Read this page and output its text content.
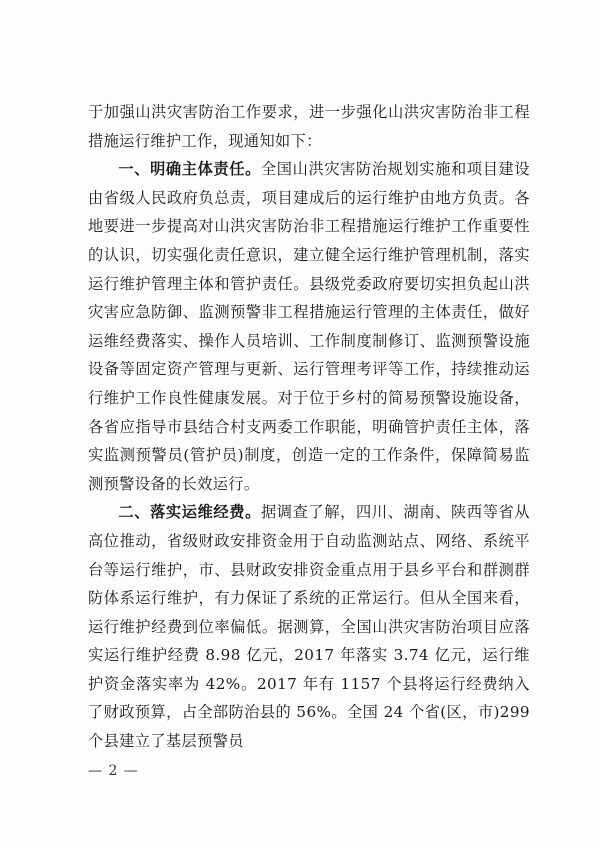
于加强山洪灾害防治工作要求，进一步强化山洪灾害防治非工程措施运行维护工作，现通知如下：

一、明确主体责任。全国山洪灾害防治规划实施和项目建设由省级人民政府负总责，项目建成后的运行维护由地方负责。各地要进一步提高对山洪灾害防治非工程措施运行维护工作重要性的认识，切实强化责任意识，建立健全运行维护管理机制，落实运行维护管理主体和管护责任。县级党委政府要切实担负起山洪灾害应急防御、监测预警非工程措施运行管理的主体责任，做好运维经费落实、操作人员培训、工作制度制修订、监测预警设施设备等固定资产管理与更新、运行管理考评等工作，持续推动运行维护工作良性健康发展。对于位于乡村的简易预警设施设备，各省应指导市县结合村支两委工作职能，明确管护责任主体，落实监测预警员(管护员)制度，创造一定的工作条件，保障简易监测预警设备的长效运行。

二、落实运维经费。据调查了解，四川、湖南、陕西等省从高位推动，省级财政安排资金用于自动监测站点、网络、系统平台等运行维护，市、县财政安排资金重点用于县乡平台和群测群防体系运行维护，有力保证了系统的正常运行。但从全国来看，运行维护经费到位率偏低。据测算，全国山洪灾害防治项目应落实运行维护经费 8.98 亿元，2017 年落实 3.74 亿元，运行维护资金落实率为 42%。2017 年有 1157 个县将运行经费纳入了财政预算，占全部防治县的 56%。全国 24 个省(区，市)299 个县建立了基层预警员

— 2 —
